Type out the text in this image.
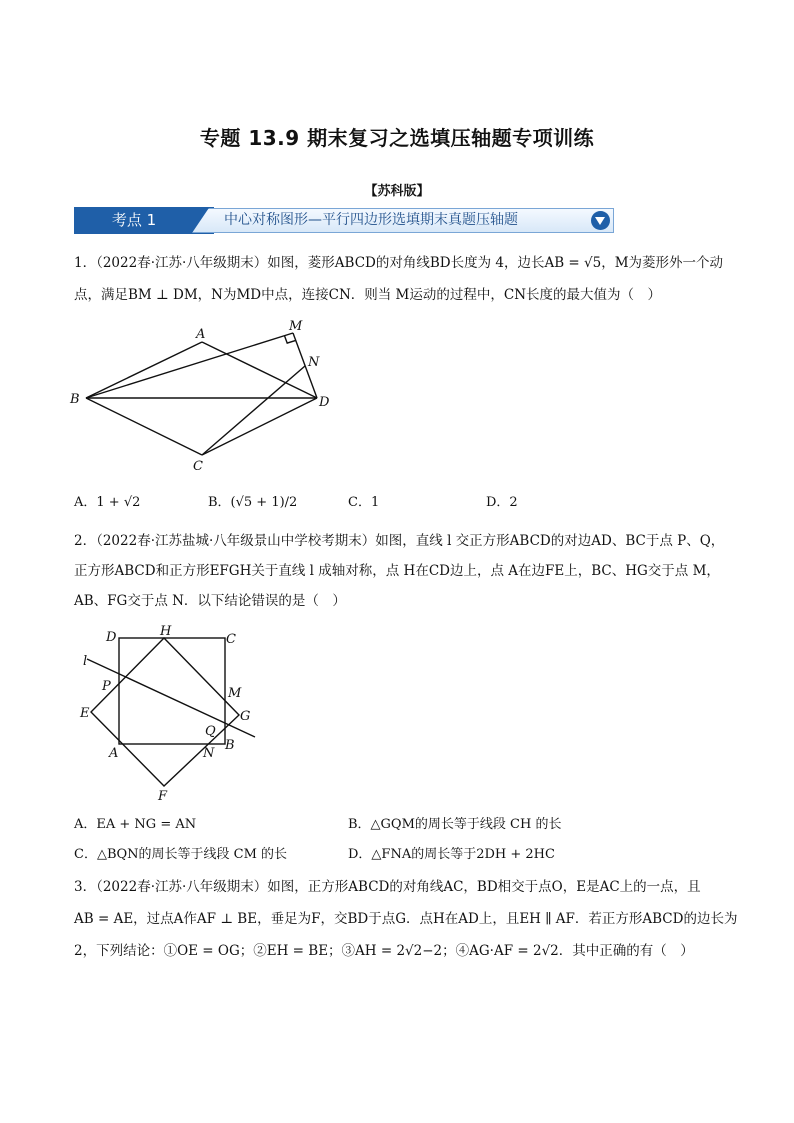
专题 13.9 期末复习之选填压轴题专项训练
【苏科版】
考点 1	中心对称图形—平行四边形选填期末真题压轴题
1．（2022春·江苏·八年级期末）如图，菱形ABCD的对角线BD长度为 4，边长AB = √5，M为菱形外一个动
点，满足BM ⊥ DM，N为MD中点，连接CN．则当 M运动的过程中，CN长度的最大值为（　）
A
B
C
D
M
N
A．1 + √2	B．(√5 + 1)/2	C．1	D．2
2．（2022春·江苏盐城·八年级景山中学校考期末）如图，直线 l 交正方形ABCD的对边AD、BC于点 P、Q，
正方形ABCD和正方形EFGH关于直线 l 成轴对称，点 H在CD边上，点 A在边FE上，BC、HG交于点 M，
AB、FG交于点 N．以下结论错误的是（　）
D	H
C
l
P	M
E	G
Q
A	N
B
F
A．EA + NG = AN	B．△GQM的周长等于线段 CH 的长
C．△BQN的周长等于线段 CM 的长	D．△FNA的周长等于2DH + 2HC
3．（2022春·江苏·八年级期末）如图，正方形ABCD的对角线AC，BD相交于点O，E是AC上的一点，且
AB = AE，过点A作AF ⊥ BE，垂足为F，交BD于点G．点H在AD上，且EH ∥ AF．若正方形ABCD的边长为
2，下列结论：①OE = OG；②EH = BE；③AH = 2√2−2；④AG·AF = 2√2．其中正确的有（　）
